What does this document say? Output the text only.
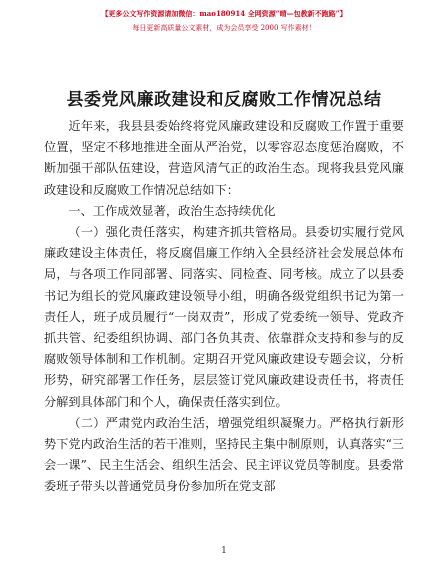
【更多公文写作资源请加微信：mao180914 全网资源“晴—包教新不跑路”】
每日更新高质量公文素材，成为会员享受 2000 写作素材！
县委党风廉政建设和反腐败工作情况总结

近年来，我县县委始终将党风廉政建设和反腐败工作置于重要位置，坚定不移地推进全面从严治党，以零容忍态度惩治腐败，不断加强干部队伍建设，营造风清气正的政治生态。现将我县党风廉政建设和反腐败工作情况总结如下：

一、工作成效显著，政治生态持续优化

（一）强化责任落实，构建齐抓共管格局。县委切实履行党风廉政建设主体责任，将反腐倡廉工作纳入全县经济社会发展总体布局，与各项工作同部署、同落实、同检查、同考核。成立了以县委书记为组长的党风廉政建设领导小组，明确各级党组织书记为第一责任人，班子成员履行“一岗双责”，形成了党委统一领导、党政齐抓共管、纪委组织协调、部门各负其责、依靠群众支持和参与的反腐败领导体制和工作机制。定期召开党风廉政建设专题会议，分析形势，研究部署工作任务，层层签订党风廉政建设责任书，将责任分解到具体部门和个人，确保责任落实到位。

（二）严肃党内政治生活，增强党组织凝聚力。严格执行新形势下党内政治生活的若干准则，坚持民主集中制原则，认真落实“三会一课”、民主生活会、组织生活会、民主评议党员等制度。县委常委班子带头以普通党员身份参加所在党支部

1
